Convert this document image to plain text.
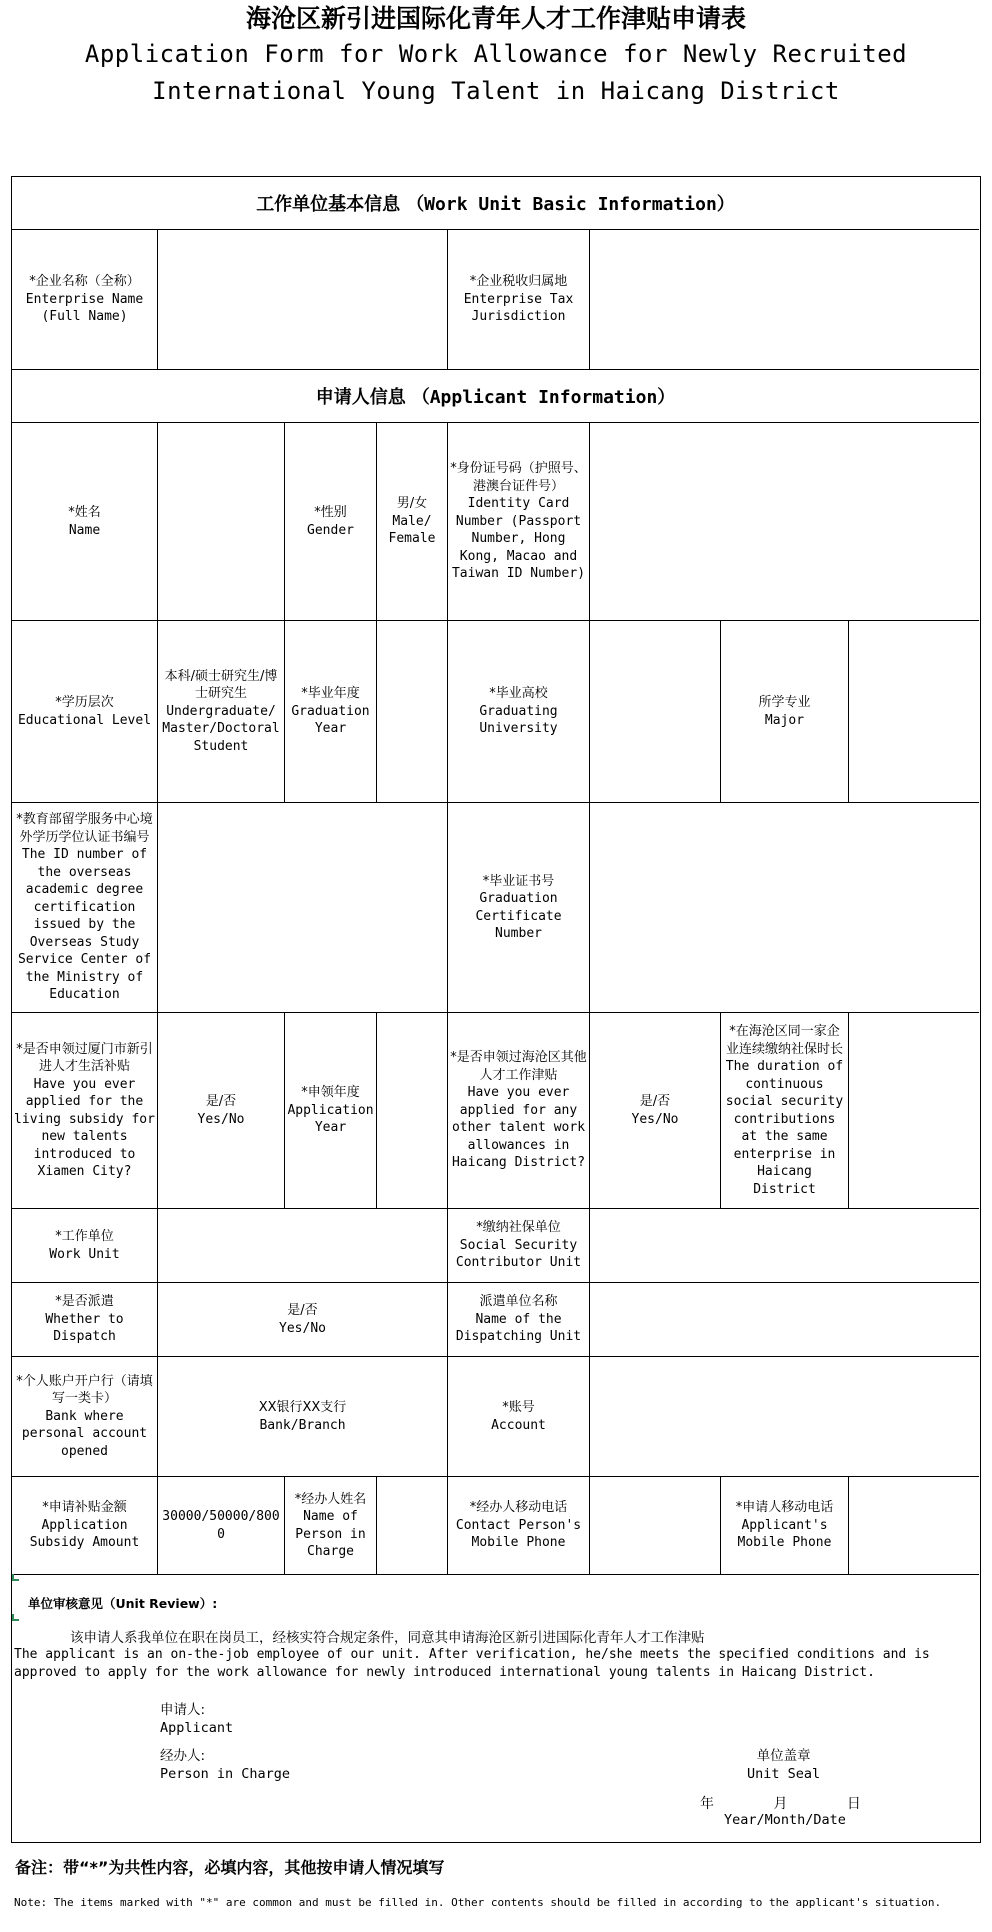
海沧区新引进国际化青年人才工作津贴申请表
Application Form for Work Allowance for Newly Recruited
International Young Talent in Haicang District
工作单位基本信息 （Work Unit Basic Information）
*企业名称（全称）
Enterprise Name (Full Name)
*企业税收归属地
Enterprise Tax Jurisdiction
申请人信息 （Applicant Information）
*姓名
Name
*性别
Gender
男/女
Male/ Female
*身份证号码（护照号、港澳台证件号）
Identity Card Number (Passport Number, Hong Kong, Macao and Taiwan ID Number)
*学历层次
Educational Level
本科/硕士研究生/博士研究生
Undergraduate/ Master/Doctoral Student
*毕业年度
Graduation Year
*毕业高校
Graduating University
所学专业
Major
*教育部留学服务中心境外学历学位认证书编号
The ID number of the overseas academic degree certification issued by the Overseas Study Service Center of the Ministry of Education
*毕业证书号
Graduation Certificate Number
*是否申领过厦门市新引进人才生活补贴
Have you ever applied for the living subsidy for new talents introduced to Xiamen City?
是/否
Yes/No
*申领年度
Application Year
*是否申领过海沧区其他人才工作津贴
Have you ever applied for any other talent work allowances in Haicang District?
是/否
Yes/No
*在海沧区同一家企业连续缴纳社保时长
The duration of continuous social security contributions at the same enterprise in Haicang District
*工作单位
Work Unit
*缴纳社保单位
Social Security Contributor Unit
*是否派遣
Whether to Dispatch
是/否
Yes/No
派遣单位名称
Name of the Dispatching Unit
*个人账户开户行（请填写一类卡）
Bank where personal account opened
XX银行XX支行
Bank/Branch
*账号
Account
*申请补贴金额
Application Subsidy Amount
30000/50000/800 0
*经办人姓名
Name of Person in Charge
*经办人移动电话
Contact Person's Mobile Phone
*申请人移动电话
Applicant's Mobile Phone
单位审核意见（Unit Review）:
该申请人系我单位在职在岗员工，经核实符合规定条件，同意其申请海沧区新引进国际化青年人才工作津贴
The applicant is an on-the-job employee of our unit. After verification, he/she meets the specified conditions and is approved to apply for the work allowance for newly introduced international young talents in Haicang District.
申请人:
Applicant
经办人:
Person in Charge
单位盖章
Unit Seal
年	月	日
Year/Month/Date
备注：带“*”为共性内容，必填内容，其他按申请人情况填写
Note: The items marked with "*" are common and must be filled in. Other contents should be filled in according to the applicant's situation.
